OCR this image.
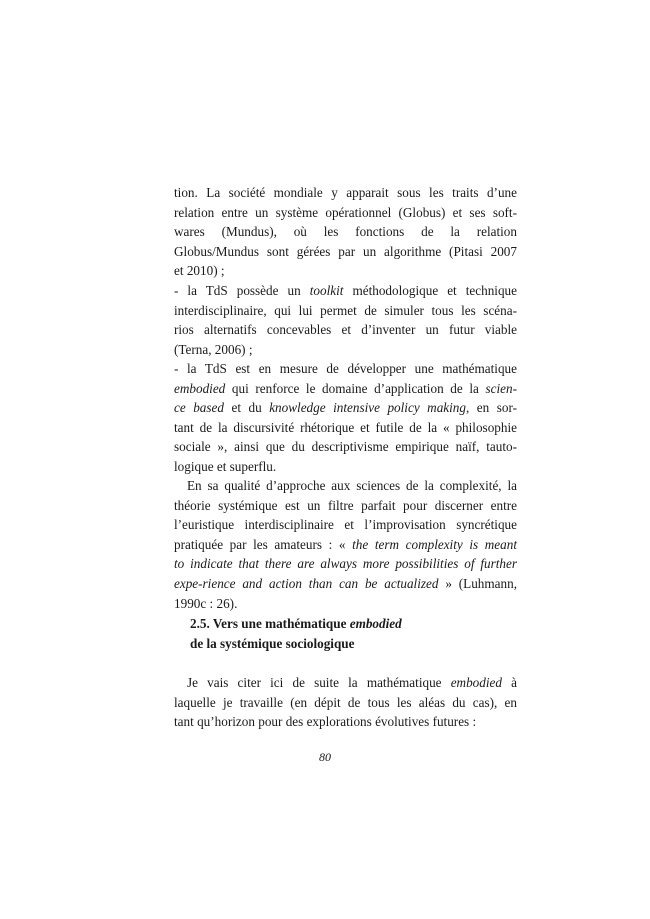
tion. La société mondiale y apparait sous les traits d’une
relation entre un système opérationnel (Globus) et ses soft-
wares (Mundus), où les fonctions de la relation
Globus/Mundus sont gérées par un algorithme (Pitasi 2007
et 2010) ;
- la TdS possède un toolkit méthodologique et technique
interdisciplinaire, qui lui permet de simuler tous les scéna-
rios alternatifs concevables et d’inventer un futur viable
(Terna, 2006) ;
- la TdS est en mesure de développer une mathématique
embodied qui renforce le domaine d’application de la scien-
ce based et du knowledge intensive policy making, en sor-
tant de la discursivité rhétorique et futile de la « philosophie
sociale », ainsi que du descriptivisme empirique naïf, tauto-
logique et superflu.
En sa qualité d’approche aux sciences de la complexité, la
théorie systémique est un filtre parfait pour discerner entre
l’euristique interdisciplinaire et l’improvisation syncrétique
pratiquée par les amateurs : « the term complexity is meant
to indicate that there are always more possibilities of further
expe-rience and action than can be actualized » (Luhmann,
1990c : 26).
2.5. Vers une mathématique embodied
de la systémique sociologique
Je vais citer ici de suite la mathématique embodied à
laquelle je travaille (en dépit de tous les aléas du cas), en
tant qu’horizon pour des explorations évolutives futures :
80
